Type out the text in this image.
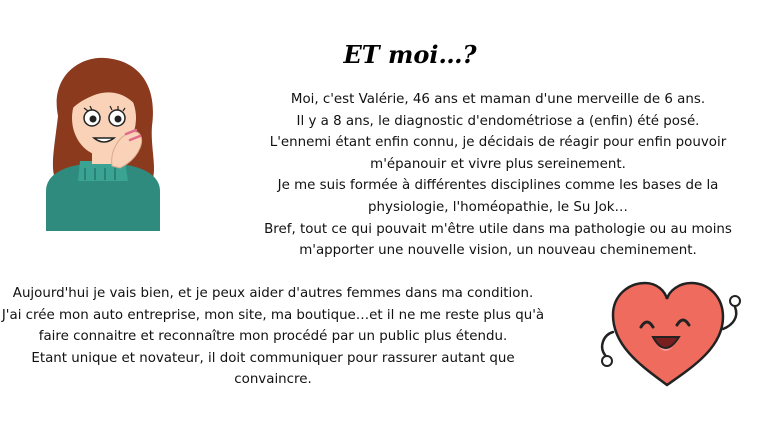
ET moi…?
Moi, c'est Valérie, 46 ans et maman d'une merveille de 6 ans.
Il y a 8 ans, le diagnostic d'endométriose a (enfin) été posé.
L'ennemi étant enfin connu, je décidais de réagir pour enfin pouvoir
m'épanouir et vivre plus sereinement.
Je me suis formée à différentes disciplines comme les bases de la
physiologie, l'homéopathie, le Su Jok…
Bref, tout ce qui pouvait m'être utile dans ma pathologie ou au moins
m'apporter une nouvelle vision, un nouveau cheminement.
Aujourd'hui je vais bien, et je peux aider d'autres femmes dans ma condition.
J'ai crée mon auto entreprise, mon site, ma boutique…et il ne me reste plus qu'à
faire connaitre et reconnaître mon procédé par un public plus étendu.
Etant unique et novateur, il doit communiquer pour rassurer autant que
convaincre.
